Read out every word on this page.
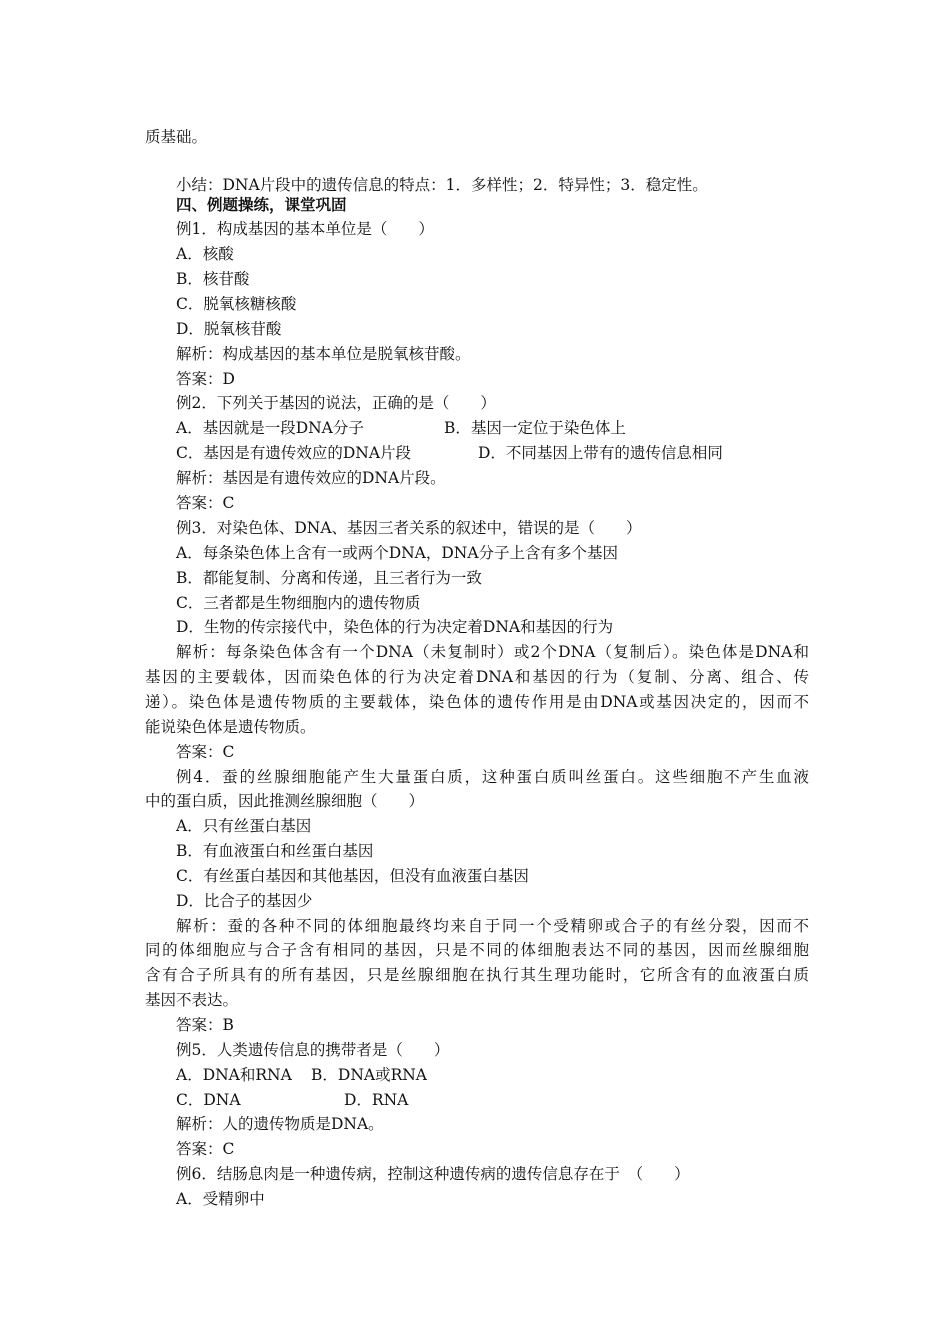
质基础。
小结：DNA片段中的遗传信息的特点：1．多样性；2．特异性；3．稳定性。
四、例题操练，课堂巩固
例1．构成基因的基本单位是（　　）
A．核酸
B．核苷酸
C．脱氧核糖核酸
D．脱氧核苷酸
解析：构成基因的基本单位是脱氧核苷酸。
答案：D
例2．下列关于基因的说法，正确的是（　　）
A．基因就是一段DNA分子	B．基因一定位于染色体上
C．基因是有遗传效应的DNA片段	D．不同基因上带有的遗传信息相同
解析：基因是有遗传效应的DNA片段。
答案：C
例3．对染色体、DNA、基因三者关系的叙述中，错误的是（　　）
A．每条染色体上含有一或两个DNA，DNA分子上含有多个基因
B．都能复制、分离和传递，且三者行为一致
C．三者都是生物细胞内的遗传物质
D．生物的传宗接代中，染色体的行为决定着DNA和基因的行为
解析：每条染色体含有一个DNA（未复制时）或2个DNA（复制后）。染色体是DNA和
基因的主要载体，因而染色体的行为决定着DNA和基因的行为（复制、分离、组合、传
递）。染色体是遗传物质的主要载体，染色体的遗传作用是由DNA或基因决定的，因而不
能说染色体是遗传物质。
答案：C
例4．蚕的丝腺细胞能产生大量蛋白质，这种蛋白质叫丝蛋白。这些细胞不产生血液
中的蛋白质，因此推测丝腺细胞（　　）
A．只有丝蛋白基因
B．有血液蛋白和丝蛋白基因
C．有丝蛋白基因和其他基因，但没有血液蛋白基因
D．比合子的基因少
解析：蚕的各种不同的体细胞最终均来自于同一个受精卵或合子的有丝分裂，因而不
同的体细胞应与合子含有相同的基因，只是不同的体细胞表达不同的基因，因而丝腺细胞
含有合子所具有的所有基因，只是丝腺细胞在执行其生理功能时，它所含有的血液蛋白质
基因不表达。
答案：B
例5．人类遗传信息的携带者是（　　）
A．DNA和RNA B．DNA或RNA
C．DNA	D．RNA
解析：人的遗传物质是DNA。
答案：C
例6．结肠息肉是一种遗传病，控制这种遗传病的遗传信息存在于　（　　）
A．受精卵中
